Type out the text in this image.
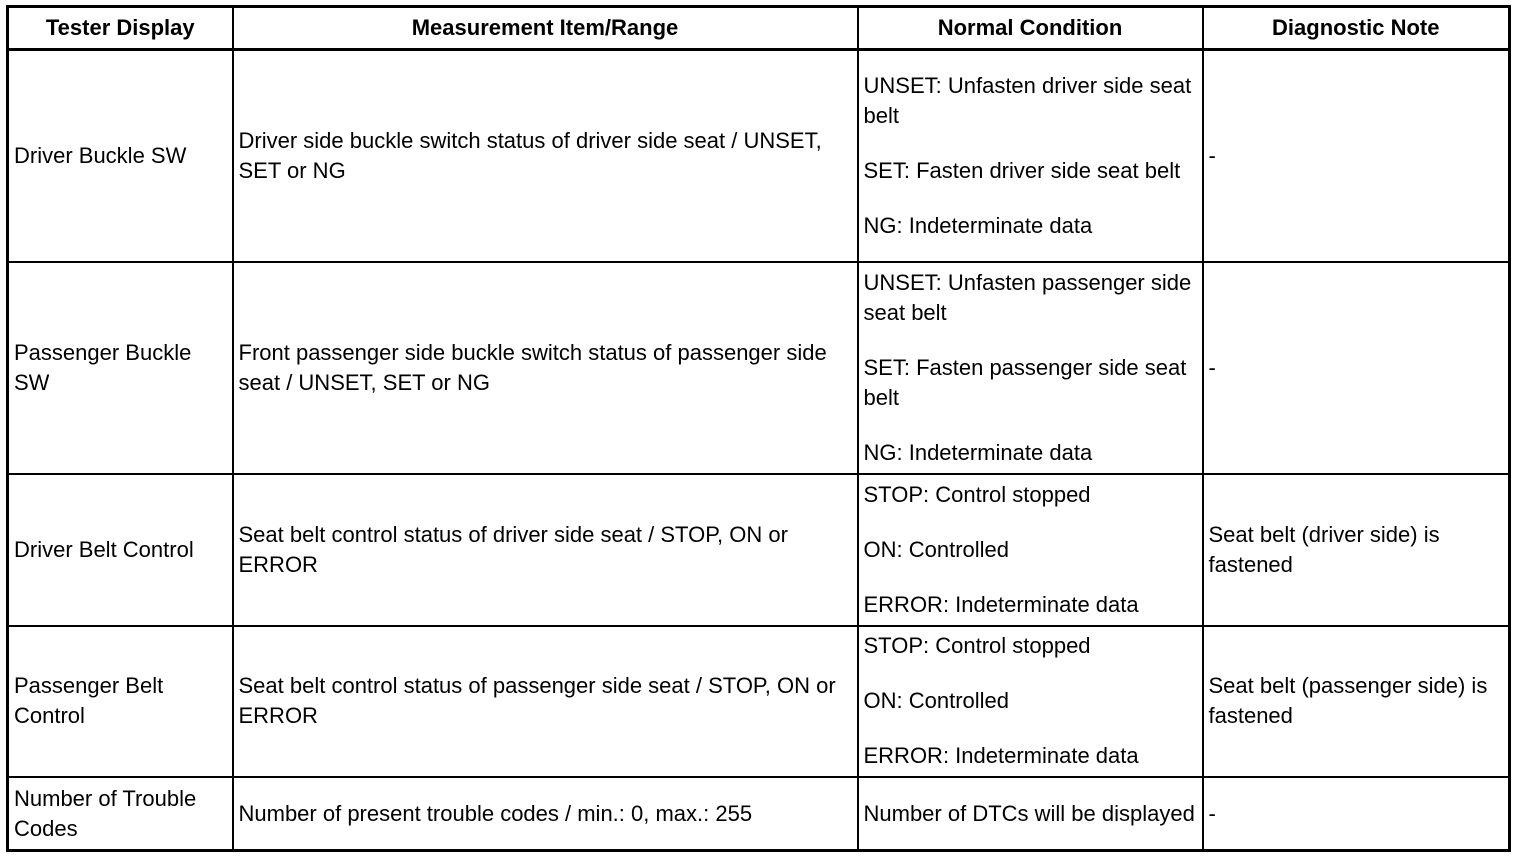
Tester Display	Measurement Item/Range	Normal Condition	Diagnostic Note
Driver Buckle SW	Driver side buckle switch status of driver side seat / UNSET, SET or NG	UNSET: Unfasten driver side seat belt
SET: Fasten driver side seat belt
NG: Indeterminate data	-
Passenger Buckle SW	Front passenger side buckle switch status of passenger side seat / UNSET, SET or NG	UNSET: Unfasten passenger side seat belt
SET: Fasten passenger side seat belt
NG: Indeterminate data	-
Driver Belt Control	Seat belt control status of driver side seat / STOP, ON or ERROR	STOP: Control stopped
ON: Controlled
ERROR: Indeterminate data	Seat belt (driver side) is fastened
Passenger Belt Control	Seat belt control status of passenger side seat / STOP, ON or ERROR	STOP: Control stopped
ON: Controlled
ERROR: Indeterminate data	Seat belt (passenger side) is fastened
Number of Trouble Codes	Number of present trouble codes / min.: 0, max.: 255	Number of DTCs will be displayed	-
